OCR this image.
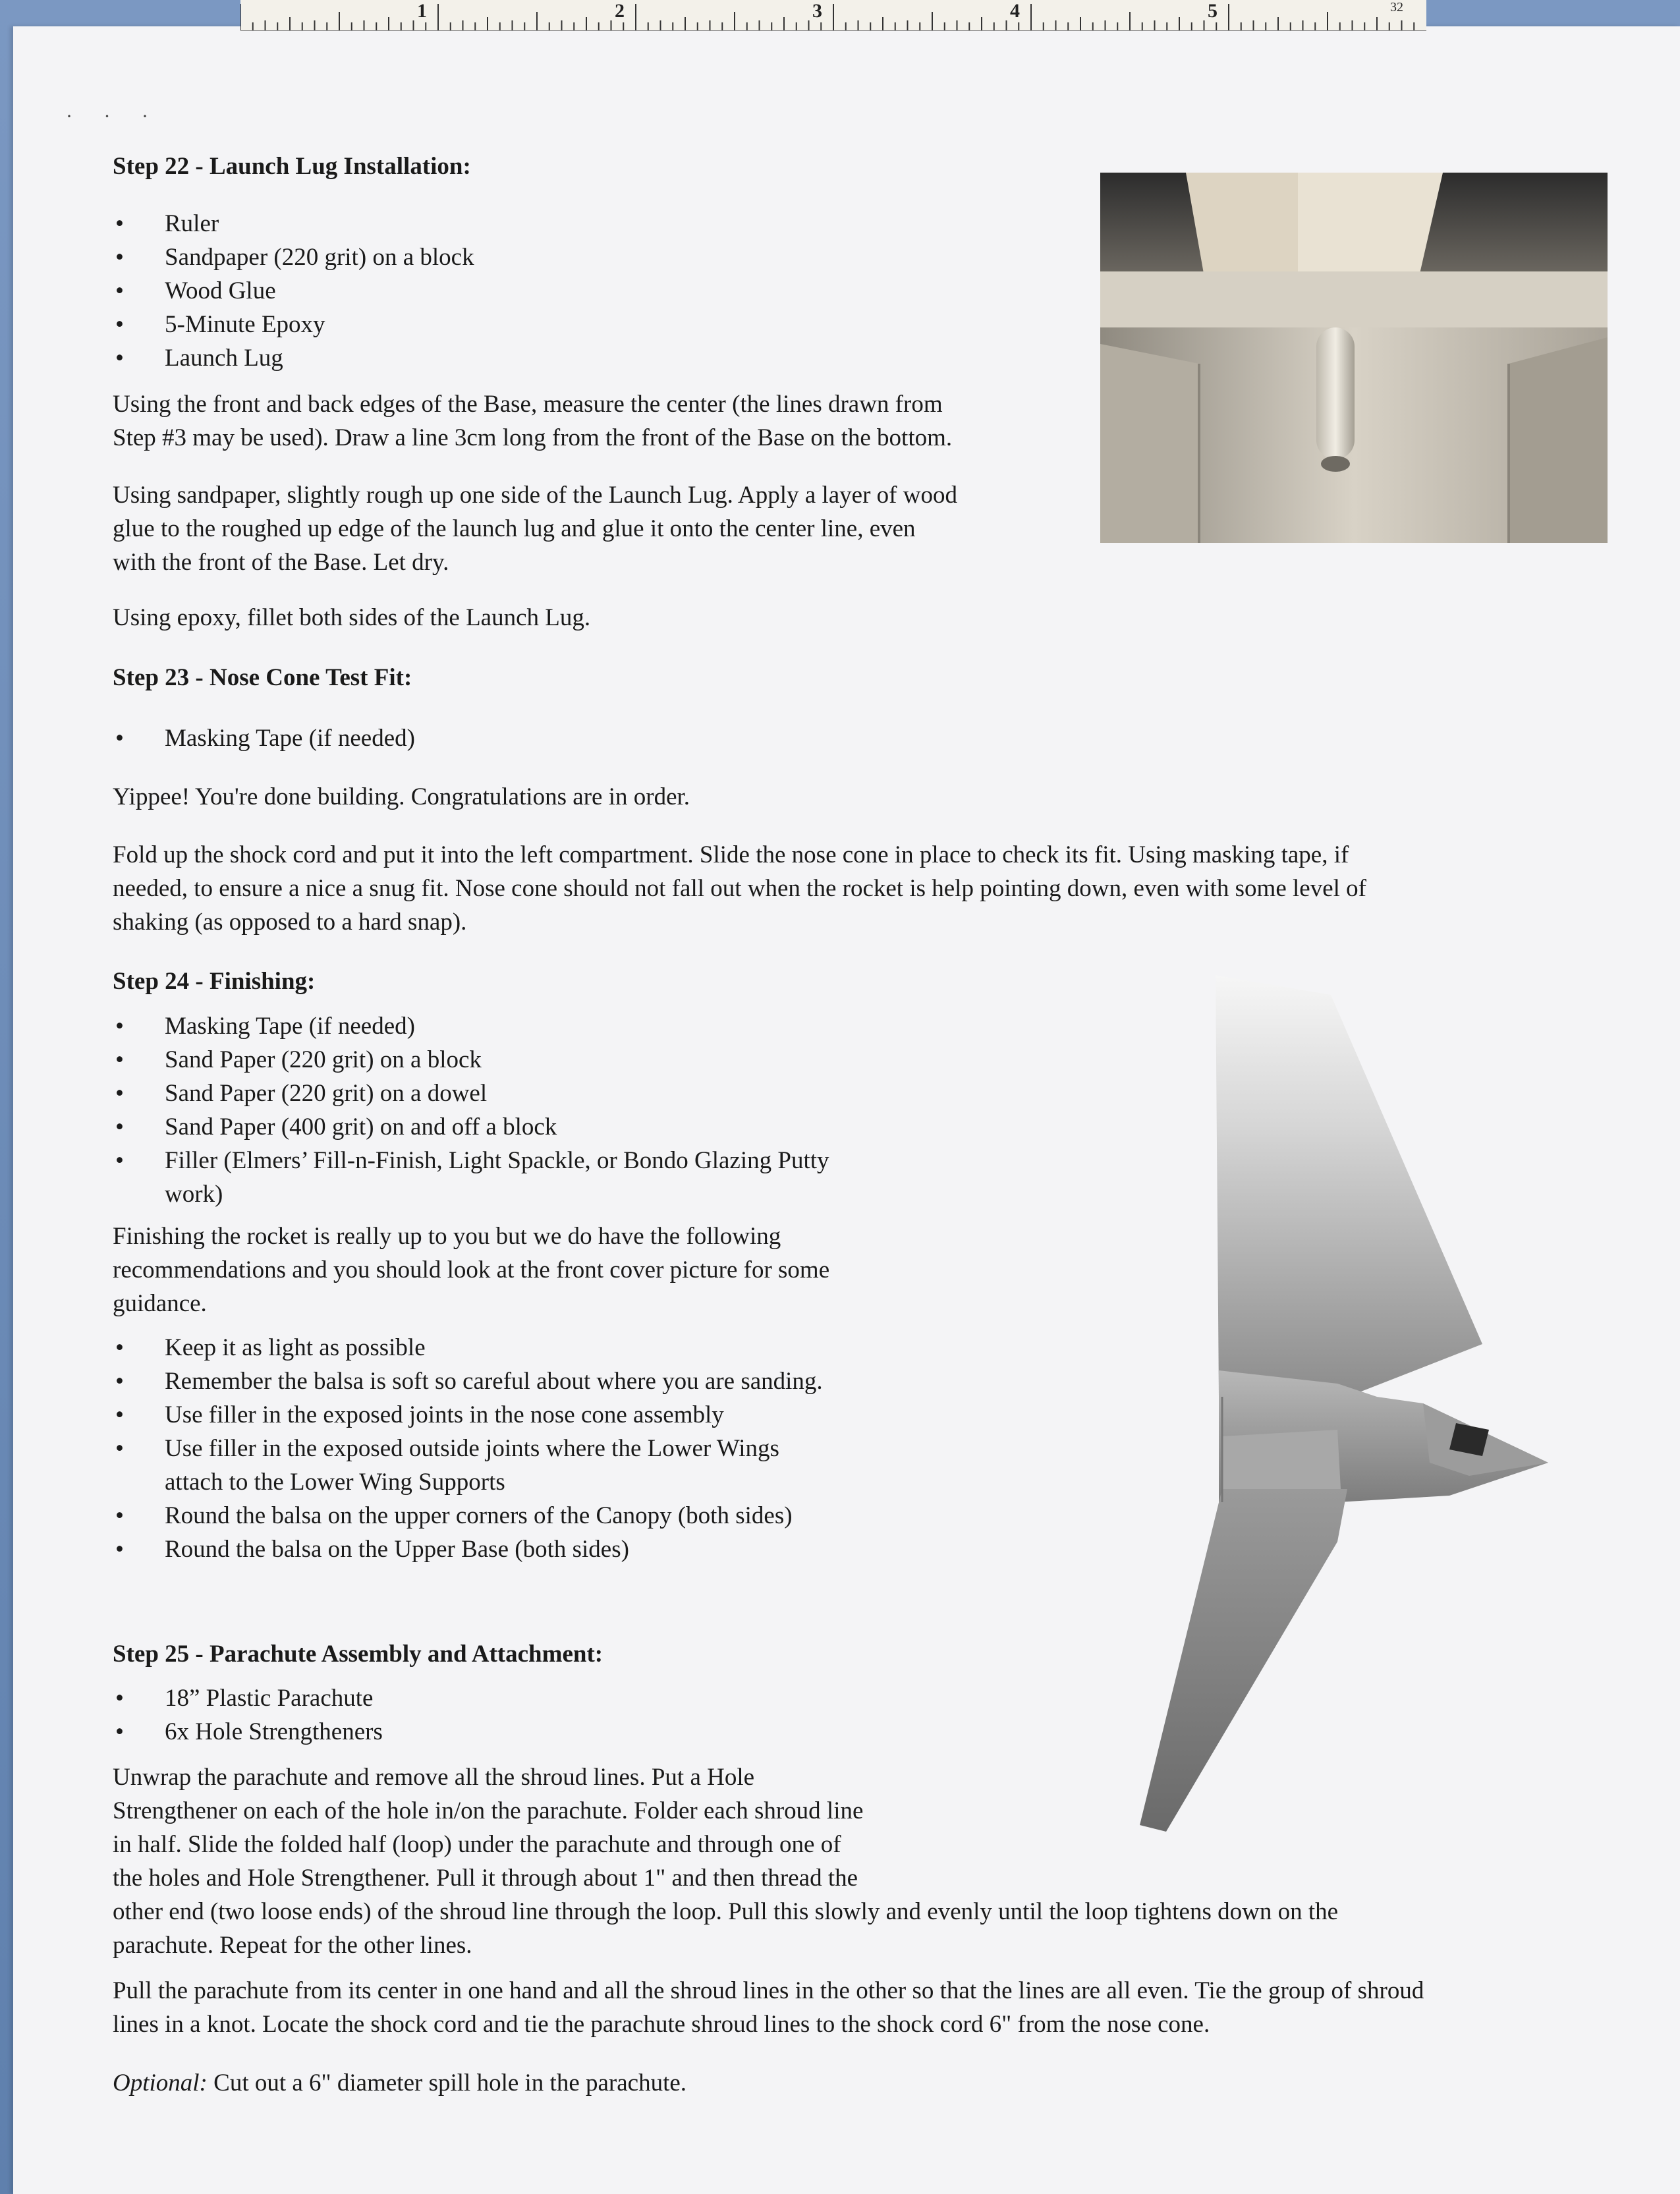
· · ·
Step 22 - Launch Lug Installation:
• Ruler
• Sandpaper (220 grit) on a block
• Wood Glue
• 5-Minute Epoxy
• Launch Lug
Using the front and back edges of the Base, measure the center (the lines drawn from
Step #3 may be used). Draw a line 3cm long from the front of the Base on the bottom.
Using sandpaper, slightly rough up one side of the Launch Lug. Apply a layer of wood
glue to the roughed up edge of the launch lug and glue it onto the center line, even
with the front of the Base. Let dry.
Using epoxy, fillet both sides of the Launch Lug.
Step 23 - Nose Cone Test Fit:
• Masking Tape (if needed)
Yippee! You're done building. Congratulations are in order.
Fold up the shock cord and put it into the left compartment. Slide the nose cone in place to check its fit. Using masking tape, if
needed, to ensure a nice a snug fit. Nose cone should not fall out when the rocket is help pointing down, even with some level of
shaking (as opposed to a hard snap).
Step 24 - Finishing:
• Masking Tape (if needed)
• Sand Paper (220 grit) on a block
• Sand Paper (220 grit) on a dowel
• Sand Paper (400 grit) on and off a block
• Filler (Elmers’ Fill-n-Finish, Light Spackle, or Bondo Glazing Putty
work)
Finishing the rocket is really up to you but we do have the following
recommendations and you should look at the front cover picture for some
guidance.
• Keep it as light as possible
• Remember the balsa is soft so careful about where you are sanding.
• Use filler in the exposed joints in the nose cone assembly
• Use filler in the exposed outside joints where the Lower Wings
attach to the Lower Wing Supports
• Round the balsa on the upper corners of the Canopy (both sides)
• Round the balsa on the Upper Base (both sides)
Step 25 - Parachute Assembly and Attachment:
• 18” Plastic Parachute
• 6x Hole Strengtheners
Unwrap the parachute and remove all the shroud lines. Put a Hole
Strengthener on each of the hole in/on the parachute. Folder each shroud line
in half. Slide the folded half (loop) under the parachute and through one of
the holes and Hole Strengthener. Pull it through about 1" and then thread the
other end (two loose ends) of the shroud line through the loop. Pull this slowly and evenly until the loop tightens down on the
parachute. Repeat for the other lines.
Pull the parachute from its center in one hand and all the shroud lines in the other so that the lines are all even. Tie the group of shroud
lines in a knot. Locate the shock cord and tie the parachute shroud lines to the shock cord 6" from the nose cone.
Optional: Cut out a 6" diameter spill hole in the parachute.
1	2	3	4	5	32
